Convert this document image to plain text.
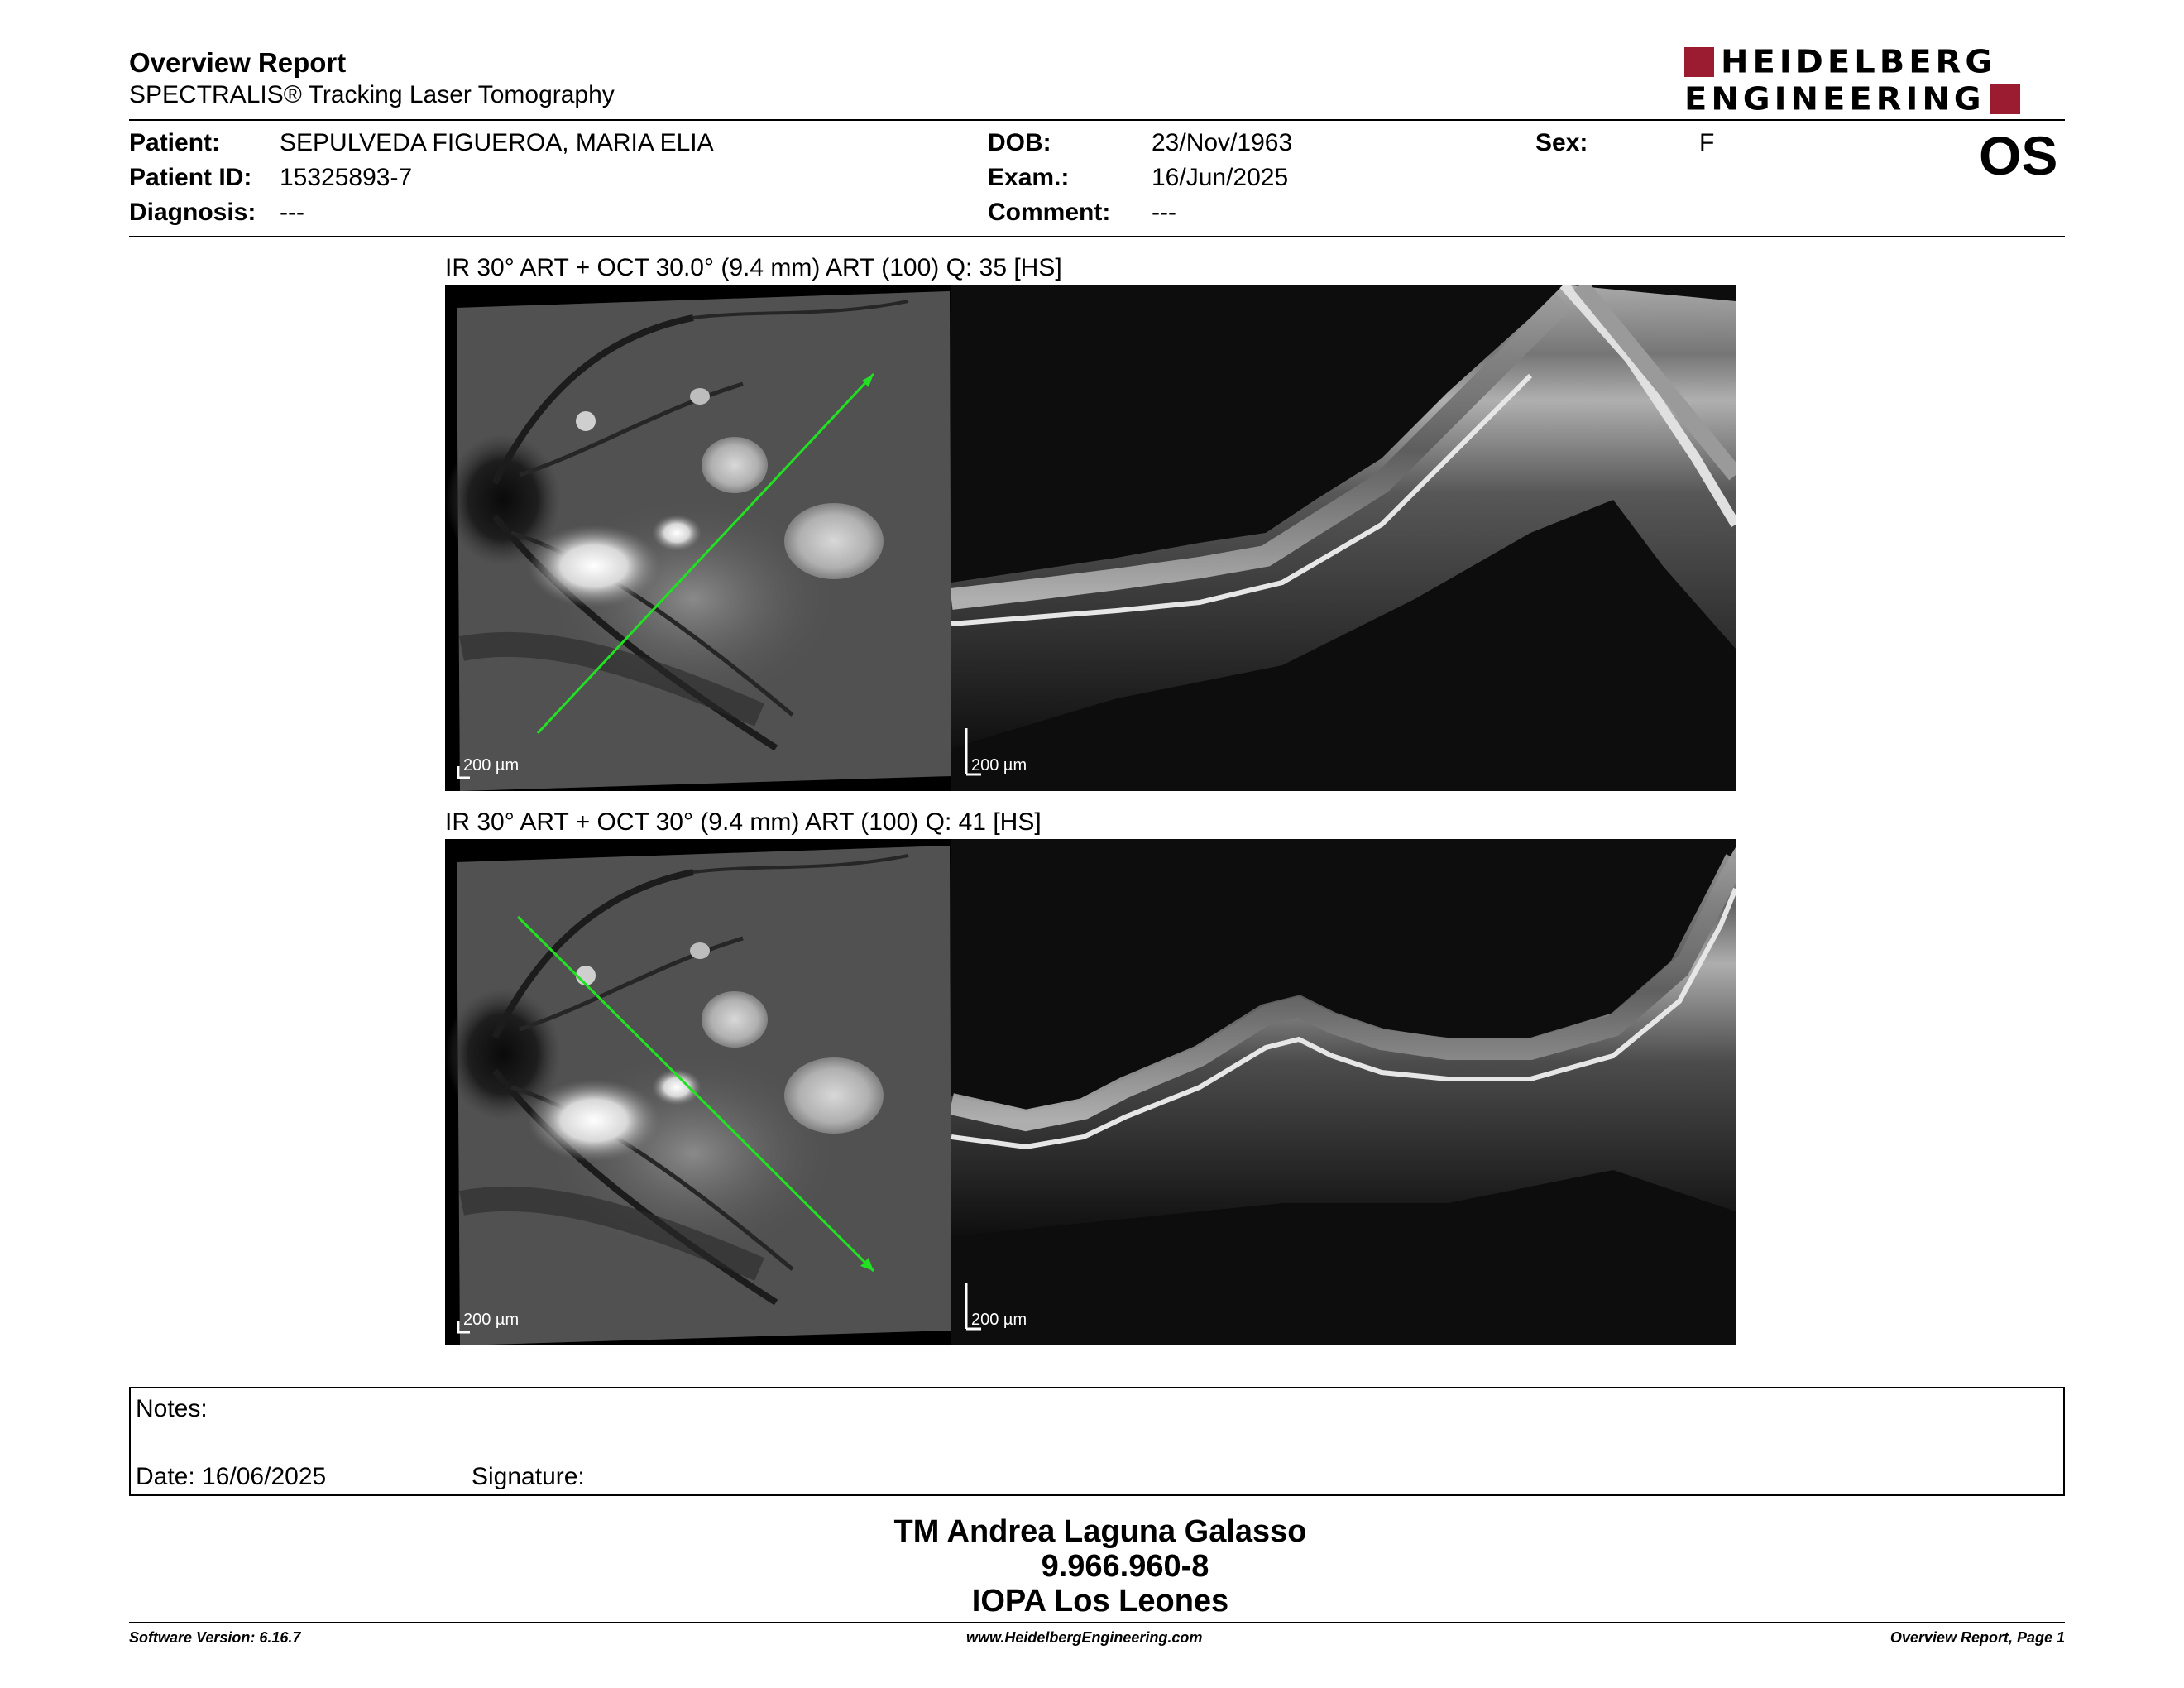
Overview Report
SPECTRALIS® Tracking Laser Tomography
HEIDELBERG
ENGINEERING
Patient: SEPULVEDA FIGUEROA, MARIA ELIA
Patient ID: 15325893-7
Diagnosis: ---
DOB:	23/Nov/1963
Exam.:	16/Jun/2025
Comment: ---
Sex:	F	OS
IR 30° ART + OCT 30.0° (9.4 mm) ART (100) Q: 35 [HS]
200 µm	200 µm
IR 30° ART + OCT 30° (9.4 mm) ART (100) Q: 41 [HS]
200 µm	200 µm
Notes:
Date: 16/06/2025	Signature:
TM Andrea Laguna Galasso
9.966.960-8
IOPA Los Leones
Software Version: 6.16.7	www.HeidelbergEngineering.com	Overview Report, Page 1
